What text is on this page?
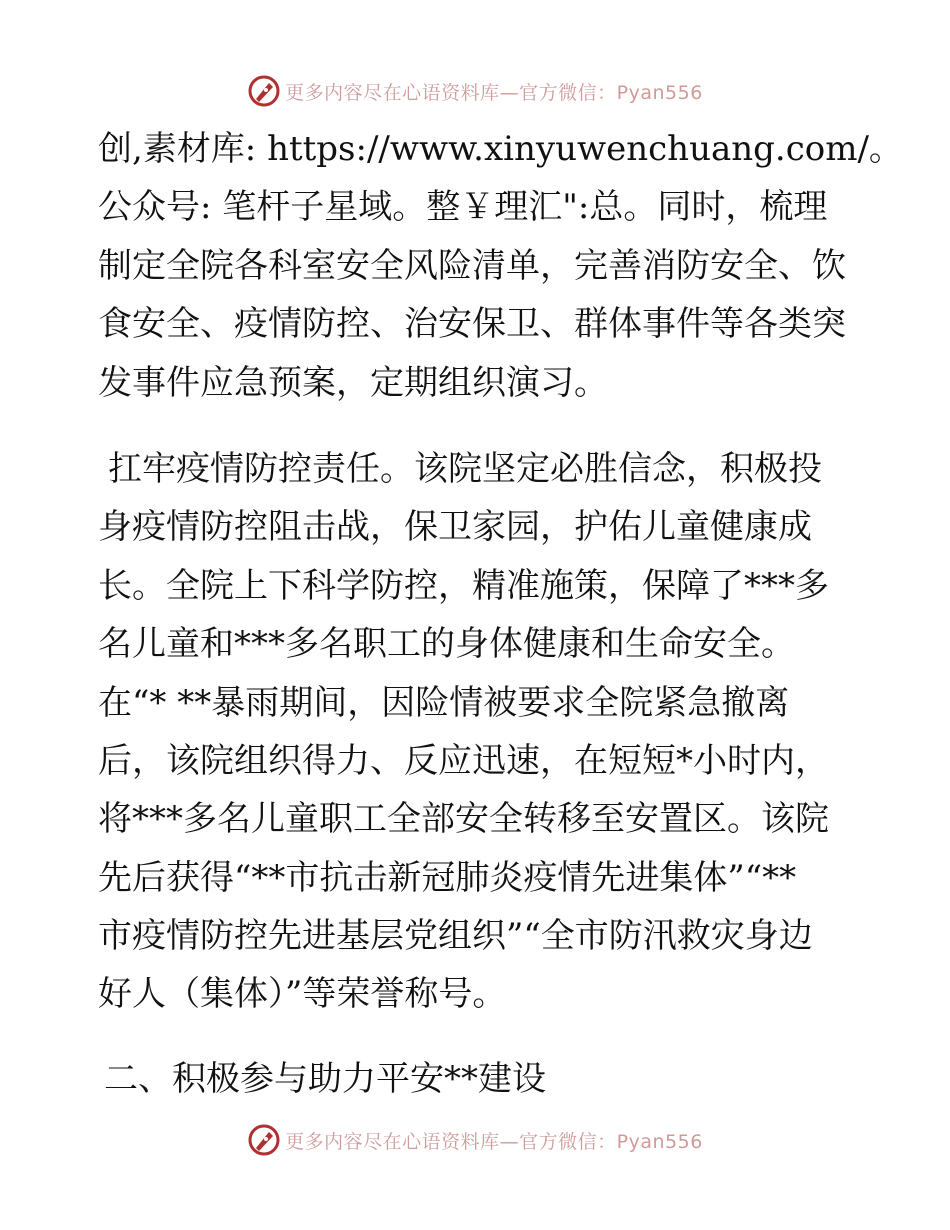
更多内容尽在心语资料库—官方微信：Pyan556

创,素材库: https://www.xinyuwenchuang.com/。

公众号: 笔杆子星域。整￥理汇":总。同时，梳理

制定全院各科室安全风险清单，完善消防安全、饮

食安全、疫情防控、治安保卫、群体事件等各类突

发事件应急预案，定期组织演习。

扛牢疫情防控责任。该院坚定必胜信念，积极投

身疫情防控阻击战，保卫家园，护佑儿童健康成

长。全院上下科学防控，精准施策，保障了***多

名儿童和***多名职工的身体健康和生命安全。

在“* **暴雨期间，因险情被要求全院紧急撤离

后，该院组织得力、反应迅速，在短短*小时内，

将***多名儿童职工全部安全转移至安置区。该院

先后获得“**市抗击新冠肺炎疫情先进集体”“**

市疫情防控先进基层党组织”“全市防汛救灾身边

好人（集体）”等荣誉称号。

二、积极参与助力平安**建设

更多内容尽在心语资料库—官方微信：Pyan556
